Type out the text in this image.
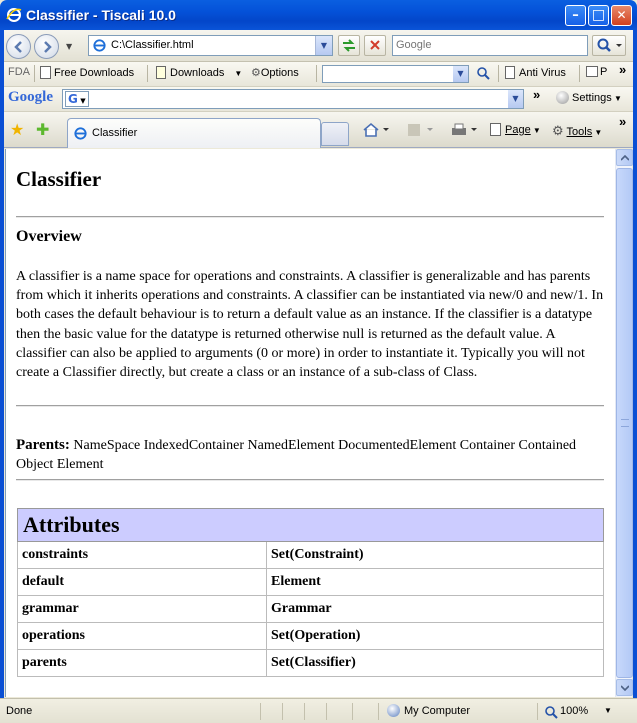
Classifier - Tiscali 10.0	– □ ✕
▼	C:\Classifier.html	▼
Google
FDA	Free Downloads	Downloads ▼ ⚙Options	▼	Anti Virus	P »
Google G ▼	▼	»	Settings ▼
★ ✚	Classifier	Page ▼ ⚙ Tools ▼
»
Classifier
Overview
A classifier is a name space for operations and constraints. A classifier is generalizable and has parents from which it inherits operations and constraints. A classifier can be instantiated via new/0 and new/1. In both cases the default behaviour is to return a default value as an instance. If the classifier is a datatype then the basic value for the datatype is returned otherwise null is returned as the default value. A classifier can also be applied to arguments (0 or more) in order to instantiate it. Typically you will not create a Classifier directly, but create a class or an instance of a sub-class of Class.
Parents: NameSpace IndexedContainer NamedElement DocumentedElement Container Contained Object Element
Attributes	
constraints	Set(Constraint)
default	Element
grammar	Grammar
operations	Set(Operation)
parents	Set(Classifier)
Done	My Computer	100% ▼
